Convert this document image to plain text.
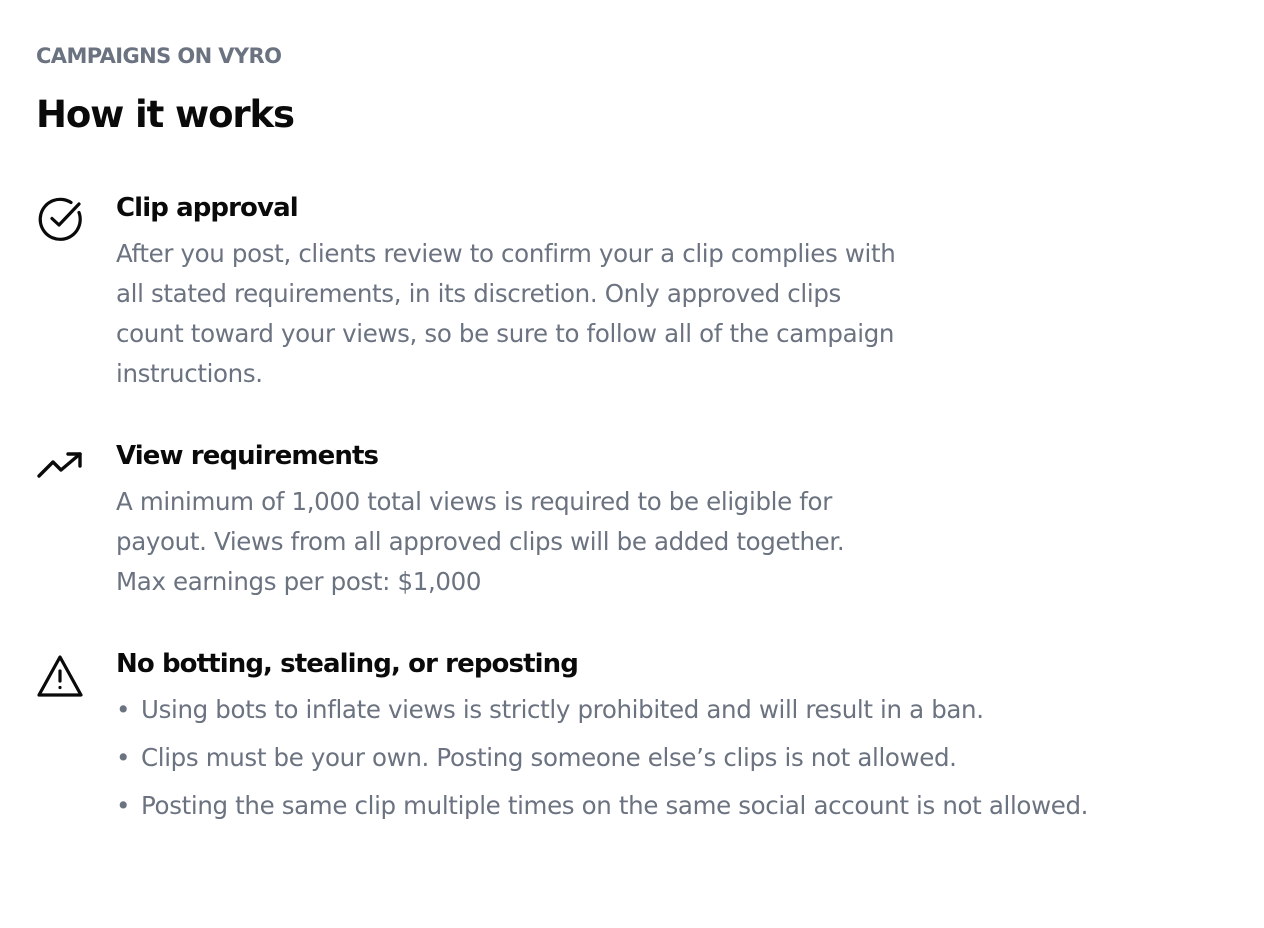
CAMPAIGNS ON VYRO
How it works
Clip approval

After you post, clients review to confirm your a clip complies with
all stated requirements, in its discretion. Only approved clips
count toward your views, so be sure to follow all of the campaign
instructions.

View requirements

A minimum of 1,000 total views is required to be eligible for
payout. Views from all approved clips will be added together.
Max earnings per post: $1,000

No botting, stealing, or reposting
• Using bots to inflate views is strictly prohibited and will result in a ban.
• Clips must be your own. Posting someone else’s clips is not allowed.
• Posting the same clip multiple times on the same social account is not allowed.
